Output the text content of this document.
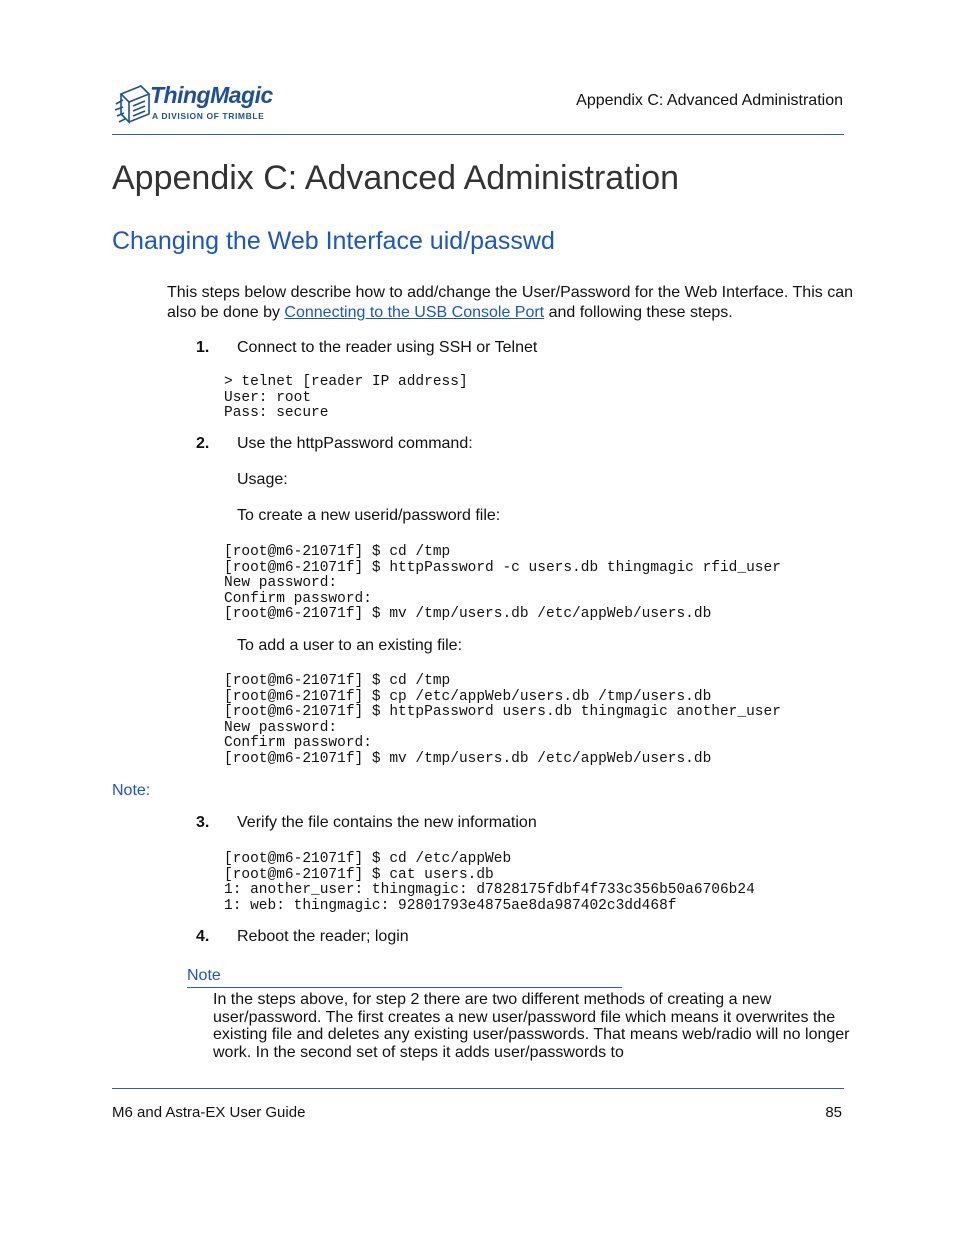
ThingMagic
A DIVISION OF TRIMBLE
Appendix C: Advanced Administration
Appendix C: Advanced Administration
Changing the Web Interface uid/passwd
This steps below describe how to add/change the User/Password for the Web Interface. This can also be done by Connecting to the USB Console Port and following these steps.
1. Connect to the reader using SSH or Telnet
> telnet [reader IP address]
User: root
Pass: secure
2. Use the httpPassword command:
Usage:
To create a new userid/password file:
[root@m6-21071f] $ cd /tmp
[root@m6-21071f] $ httpPassword -c users.db thingmagic rfid_user
New password:
Confirm password:
[root@m6-21071f] $ mv /tmp/users.db /etc/appWeb/users.db
To add a user to an existing file:
[root@m6-21071f] $ cd /tmp
[root@m6-21071f] $ cp /etc/appWeb/users.db /tmp/users.db
[root@m6-21071f] $ httpPassword users.db thingmagic another_user
New password:
Confirm password:
[root@m6-21071f] $ mv /tmp/users.db /etc/appWeb/users.db
Note:
3. Verify the file contains the new information
[root@m6-21071f] $ cd /etc/appWeb
[root@m6-21071f] $ cat users.db
1: another_user: thingmagic: d7828175fdbf4f733c356b50a6706b24
1: web: thingmagic: 92801793e4875ae8da987402c3dd468f
4. Reboot the reader; login
Note
In the steps above, for step 2 there are two different methods of creating a new user/password. The first creates a new user/password file which means it overwrites the existing file and deletes any existing user/passwords. That means web/radio will no longer work. In the second set of steps it adds user/passwords to
M6 and Astra-EX User Guide	85
